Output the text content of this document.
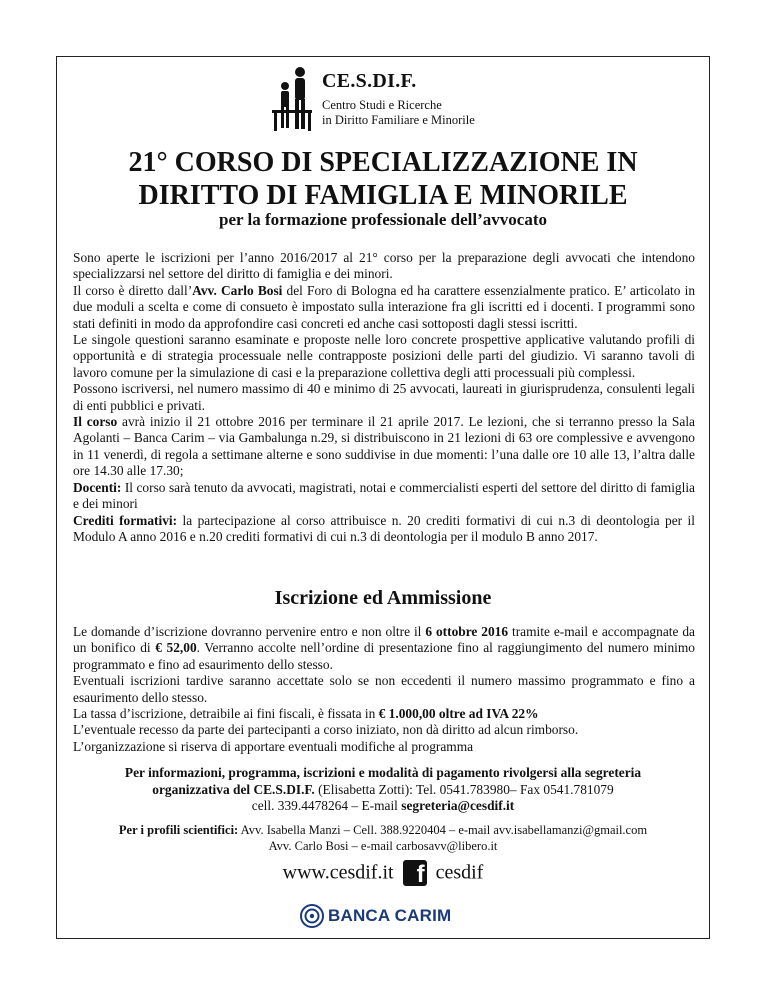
CE.S.DI.F.
Centro Studi e Ricerche
in Diritto Familiare e Minorile
21° CORSO DI SPECIALIZZAZIONE IN
DIRITTO DI FAMIGLIA E MINORILE
per la formazione professionale dell’avvocato

Sono aperte le iscrizioni per l’anno 2016/2017 al 21° corso per la preparazione degli avvocati che intendono specializzarsi nel settore del diritto di famiglia e dei minori.

Il corso è diretto dall’Avv. Carlo Bosi del Foro di Bologna ed ha carattere essenzialmente pratico. E’ articolato in due moduli a scelta e come di consueto è impostato sulla interazione fra gli iscritti ed i docenti. I programmi sono stati definiti in modo da approfondire casi concreti ed anche casi sottoposti dagli stessi iscritti.

Le singole questioni saranno esaminate e proposte nelle loro concrete prospettive applicative valutando profili di opportunità e di strategia processuale nelle contrapposte posizioni delle parti del giudizio. Vi saranno tavoli di lavoro comune per la simulazione di casi e la preparazione collettiva degli atti processuali più complessi.

Possono iscriversi, nel numero massimo di 40 e minimo di 25 avvocati, laureati in giurisprudenza, consulenti legali di enti pubblici e privati.

Il corso avrà inizio il 21 ottobre 2016 per terminare il 21 aprile 2017. Le lezioni, che si terranno presso la Sala Agolanti – Banca Carim – via Gambalunga n.29, si distribuiscono in 21 lezioni di 63 ore complessive e avvengono in 11 venerdì, di regola a settimane alterne e sono suddivise in due momenti: l’una dalle ore 10 alle 13, l’altra dalle ore 14.30 alle 17.30;

Docenti: Il corso sarà tenuto da avvocati, magistrati, notai e commercialisti esperti del settore del diritto di famiglia e dei minori

Crediti formativi: la partecipazione al corso attribuisce n. 20 crediti formativi di cui n.3 di deontologia per il Modulo A anno 2016 e n.20 crediti formativi di cui n.3 di deontologia per il modulo B anno 2017.

Iscrizione ed Ammissione

Le domande d’iscrizione dovranno pervenire entro e non oltre il 6 ottobre 2016 tramite e-mail e accompagnate da un bonifico di € 52,00. Verranno accolte nell’ordine di presentazione fino al raggiungimento del numero minimo programmato e fino ad esaurimento dello stesso.

Eventuali iscrizioni tardive saranno accettate solo se non eccedenti il numero massimo programmato e fino a esaurimento dello stesso.

La tassa d’iscrizione, detraibile ai fini fiscali, è fissata in € 1.000,00 oltre ad IVA 22%

L’eventuale recesso da parte dei partecipanti a corso iniziato, non dà diritto ad alcun rimborso.

L’organizzazione si riserva di apportare eventuali modifiche al programma

Per informazioni, programma, iscrizioni e modalità di pagamento rivolgersi alla segreteria

organizzativa del CE.S.DI.F. (Elisabetta Zotti): Tel. 0541.783980– Fax 0541.781079

cell. 339.4478264 – E-mail segreteria@cesdif.it

Per i profili scientifici: Avv. Isabella Manzi – Cell. 388.9220404 – e-mail avv.isabellamanzi@gmail.com

Avv. Carlo Bosi – e-mail carbosavv@libero.it

www.cesdif.it f cesdif
BANCA CARIM
